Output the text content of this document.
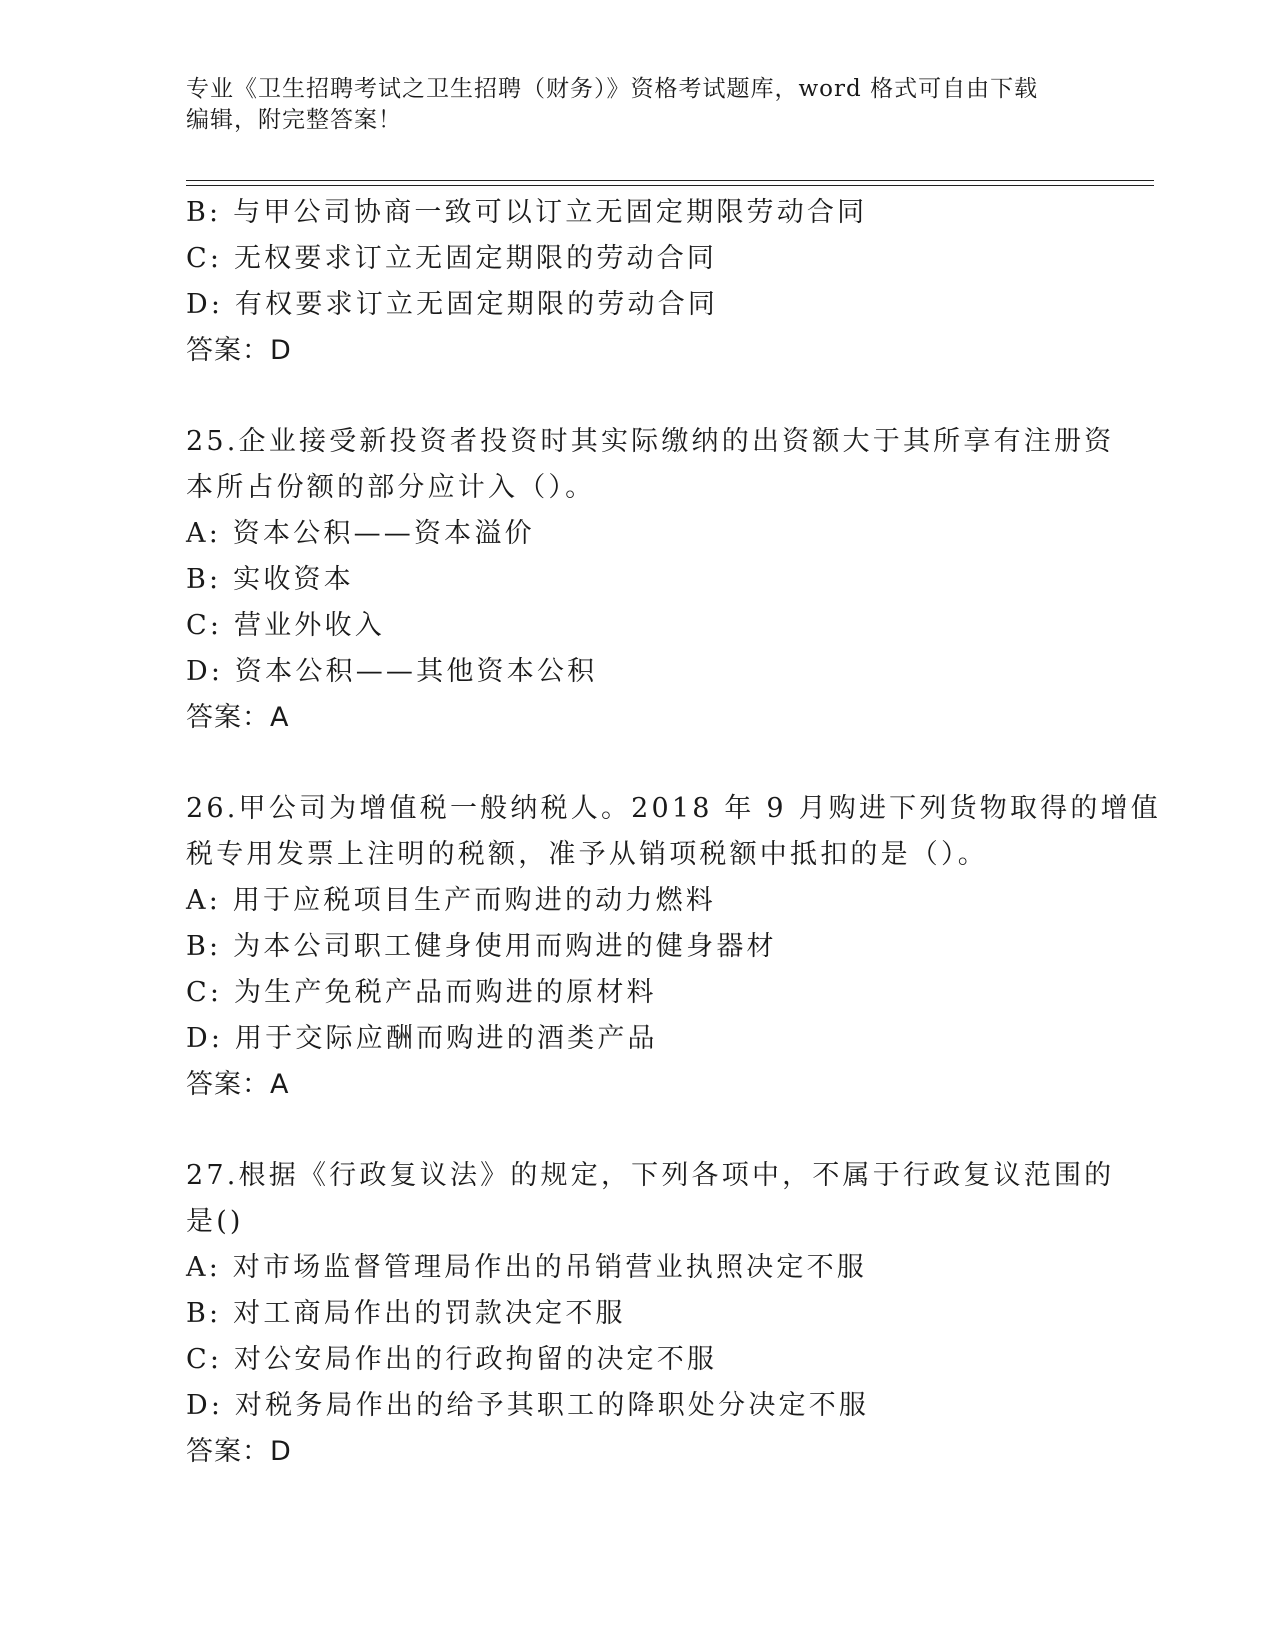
专业《卫生招聘考试之卫生招聘（财务）》资格考试题库，word 格式可自由下载
编辑，附完整答案！
B: 与甲公司协商一致可以订立无固定期限劳动合同
C: 无权要求订立无固定期限的劳动合同
D: 有权要求订立无固定期限的劳动合同
答案：D
25.企业接受新投资者投资时其实际缴纳的出资额大于其所享有注册资
本所占份额的部分应计入（）。
A: 资本公积——资本溢价
B: 实收资本
C: 营业外收入
D: 资本公积——其他资本公积
答案：A
26.甲公司为增值税一般纳税人。2018 年 9 月购进下列货物取得的增值
税专用发票上注明的税额，准予从销项税额中抵扣的是（）。
A: 用于应税项目生产而购进的动力燃料
B: 为本公司职工健身使用而购进的健身器材
C: 为生产免税产品而购进的原材料
D: 用于交际应酬而购进的酒类产品
答案：A
27.根据《行政复议法》的规定，下列各项中，不属于行政复议范围的
是()
A: 对市场监督管理局作出的吊销营业执照决定不服
B: 对工商局作出的罚款决定不服
C: 对公安局作出的行政拘留的决定不服
D: 对税务局作出的给予其职工的降职处分决定不服
答案：D
